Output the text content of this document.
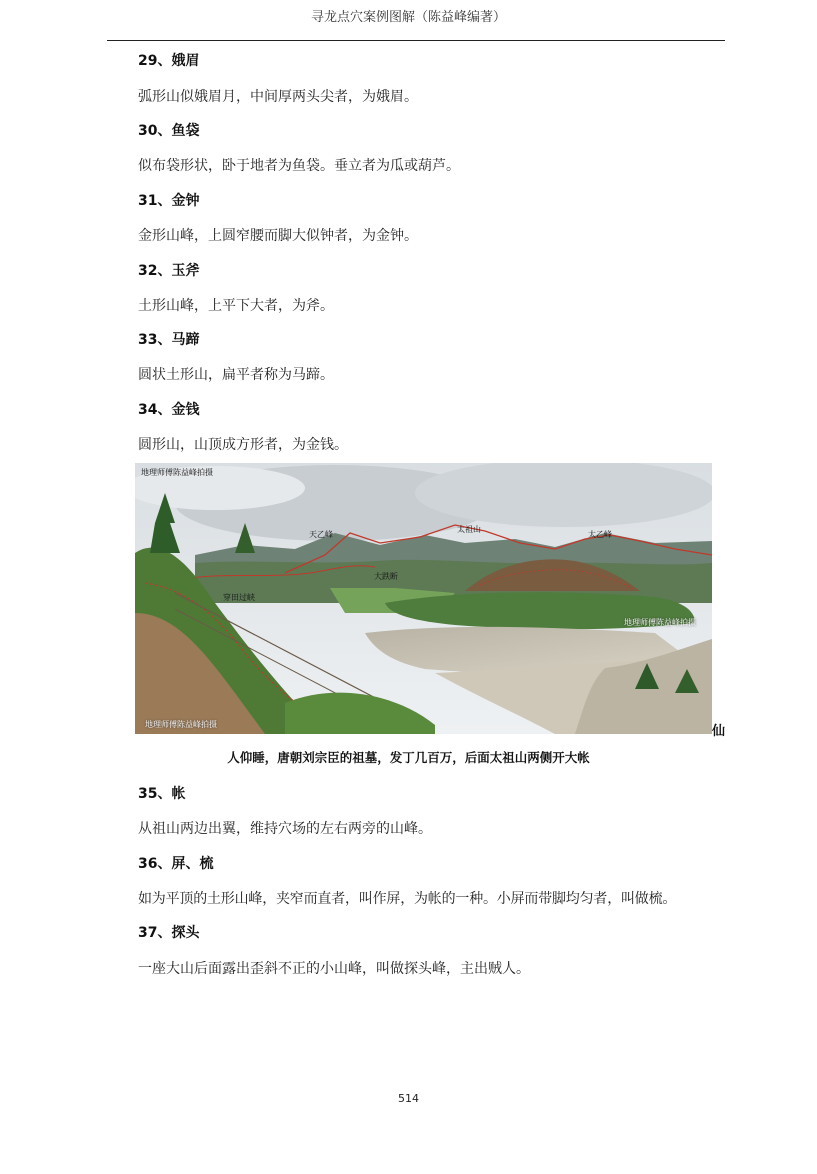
寻龙点穴案例图解（陈益峰编著）
29、娥眉
弧形山似娥眉月，中间厚两头尖者，为娥眉。
30、鱼袋
似布袋形状，卧于地者为鱼袋。垂立者为瓜或葫芦。
31、金钟
金形山峰，上圆窄腰而脚大似钟者，为金钟。
32、玉斧
土形山峰，上平下大者，为斧。
33、马蹄
圆状土形山，扁平者称为马蹄。
34、金钱
圆形山，山顶成方形者，为金钱。
地理师傅陈益峰拍摄
天乙峰
太祖山
太乙峰
大跌断
穿田过峡
地理师傅陈益峰拍摄
地理师傅陈益峰拍摄	仙
人仰睡，唐朝刘宗臣的祖墓，发丁几百万，后面太祖山两侧开大帐
35、帐
从祖山两边出翼，维持穴场的左右两旁的山峰。
36、屏、梳
如为平顶的土形山峰，夹窄而直者，叫作屏，为帐的一种。小屏而带脚均匀者，叫做梳。
37、探头
一座大山后面露出歪斜不正的小山峰，叫做探头峰，主出贼人。
514
